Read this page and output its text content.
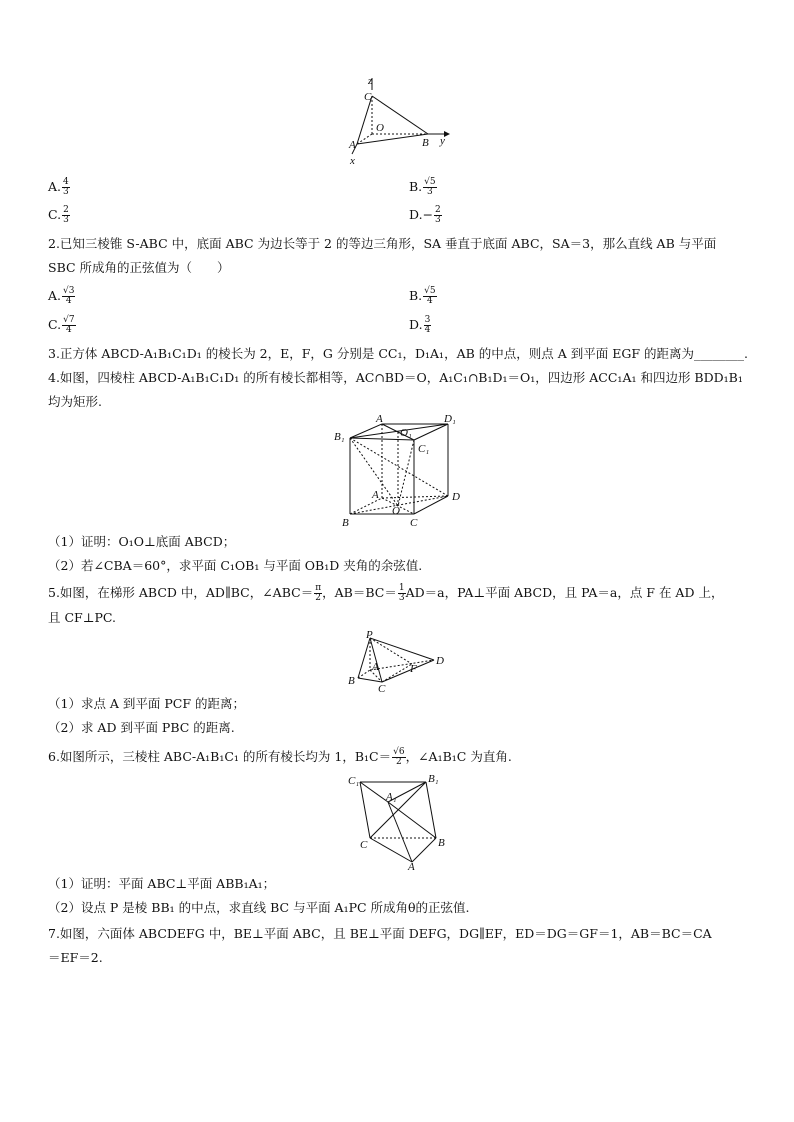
z
C
O
B y
A
x
A. $\frac{4}{3}$	B. $\frac{√5}{3}$
C. $\frac{2}{3}$	$D.- \frac{2}{3}$
2.已知三棱锥 S-ABC 中，底面 ABC 为边长等于 2 的等边三角形，SA 垂直于底面 ABC，SA＝3，那么直线 AB 与平面
SBC 所成角的正弦值为（　　）
A. $\frac{√3}{4}$	B. $\frac{√5}{4}$
C. $\frac{√7}{4}$	D. $\frac{3}{4}$
3.正方体 ABCD-A₁B₁C₁D₁ 的棱长为 2，E，F，G 分别是 CC₁，D₁A₁，AB 的中点，则点 A 到平面 EGF 的距离为________.
4.如图，四棱柱 ABCD-A₁B₁C₁D₁ 的所有棱长都相等，AC∩BD＝O，A₁C₁∩B₁D₁＝O₁，四边形 ACC₁A₁ 和四边形 BDD₁B₁
均为矩形.
A	D₁
B₁	O₁
C₁
A	D
B
O
C
（1）证明：O₁O⊥底面 ABCD；
（2）若∠CBA＝60°，求平面 C₁OB₁ 与平面 OB₁D 夹角的余弦值.
5.如图，在梯形 ABCD 中，AD∥BC，∠ABC＝ $\frac{\pi}{2}$ ，$AB=BC= \frac{1}{3} AD=a$，PA⊥平面 ABCD，且 PA＝a，点 F 在 AD 上，
且 CF⊥PC.
P
A	F
D
B
C
（1）求点 A 到平面 PCF 的距离；
（2）求 AD 到平面 PBC 的距离.
6.如图所示，三棱柱 ABC-A₁B₁C₁ 的所有棱长均为 1，$B_1C= \frac{√6}{2}$ ，∠A₁B₁C 为直角.
C₁	B₁
A₁
B
C
A
（1）证明：平面 ABC⊥平面 ABB₁A₁；
（2）设点 P 是棱 BB₁ 的中点，求直线 BC 与平面 A₁PC 所成角θ的正弦值.
7.如图，六面体 ABCDEFG 中，BE⊥平面 ABC，且 BE⊥平面 DEFG，DG∥EF，ED＝DG＝GF＝1，AB＝BC＝CA
＝EF＝2.
